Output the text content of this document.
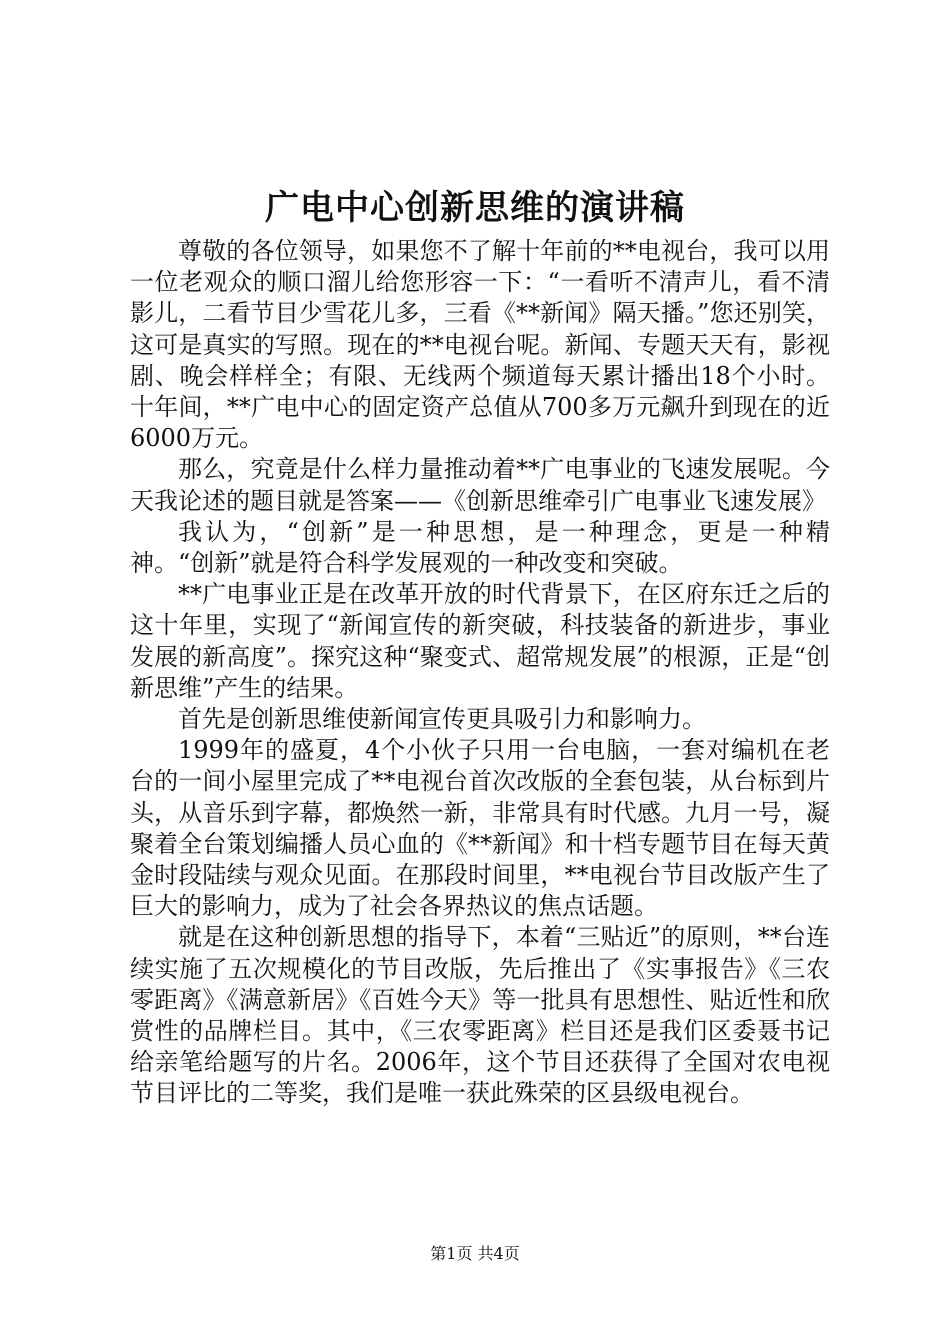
广电中心创新思维的演讲稿

尊敬的各位领导，如果您不了解十年前的**电视台，我可以用一位老观众的顺口溜儿给您形容一下：“一看听不清声儿，看不清影儿，二看节目少雪花儿多，三看《**新闻》隔天播。”您还别笑，这可是真实的写照。现在的**电视台呢。新闻、专题天天有，影视剧、晚会样样全；有限、无线两个频道每天累计播出18个小时。十年间，**广电中心的固定资产总值从700多万元飙升到现在的近6000万元。

那么，究竟是什么样力量推动着**广电事业的飞速发展呢。今天我论述的题目就是答案——《创新思维牵引广电事业飞速发展》

我认为，“创新”是一种思想，是一种理念，更是一种精神。“创新”就是符合科学发展观的一种改变和突破。

**广电事业正是在改革开放的时代背景下，在区府东迁之后的这十年里，实现了“新闻宣传的新突破，科技装备的新进步，事业发展的新高度”。探究这种“聚变式、超常规发展”的根源，正是“创新思维”产生的结果。

首先是创新思维使新闻宣传更具吸引力和影响力。

1999年的盛夏，4个小伙子只用一台电脑，一套对编机在老台的一间小屋里完成了**电视台首次改版的全套包装，从台标到片头，从音乐到字幕，都焕然一新，非常具有时代感。九月一号，凝聚着全台策划编播人员心血的《**新闻》和十档专题节目在每天黄金时段陆续与观众见面。在那段时间里，**电视台节目改版产生了巨大的影响力，成为了社会各界热议的焦点话题。

就是在这种创新思想的指导下，本着“三贴近”的原则，**台连续实施了五次规模化的节目改版，先后推出了《实事报告》《三农零距离》《满意新居》《百姓今天》等一批具有思想性、贴近性和欣赏性的品牌栏目。其中，《三农零距离》栏目还是我们区委聂书记给亲笔给题写的片名。2006年，这个节目还获得了全国对农电视节目评比的二等奖，我们是唯一获此殊荣的区县级电视台。

第1页 共4页
